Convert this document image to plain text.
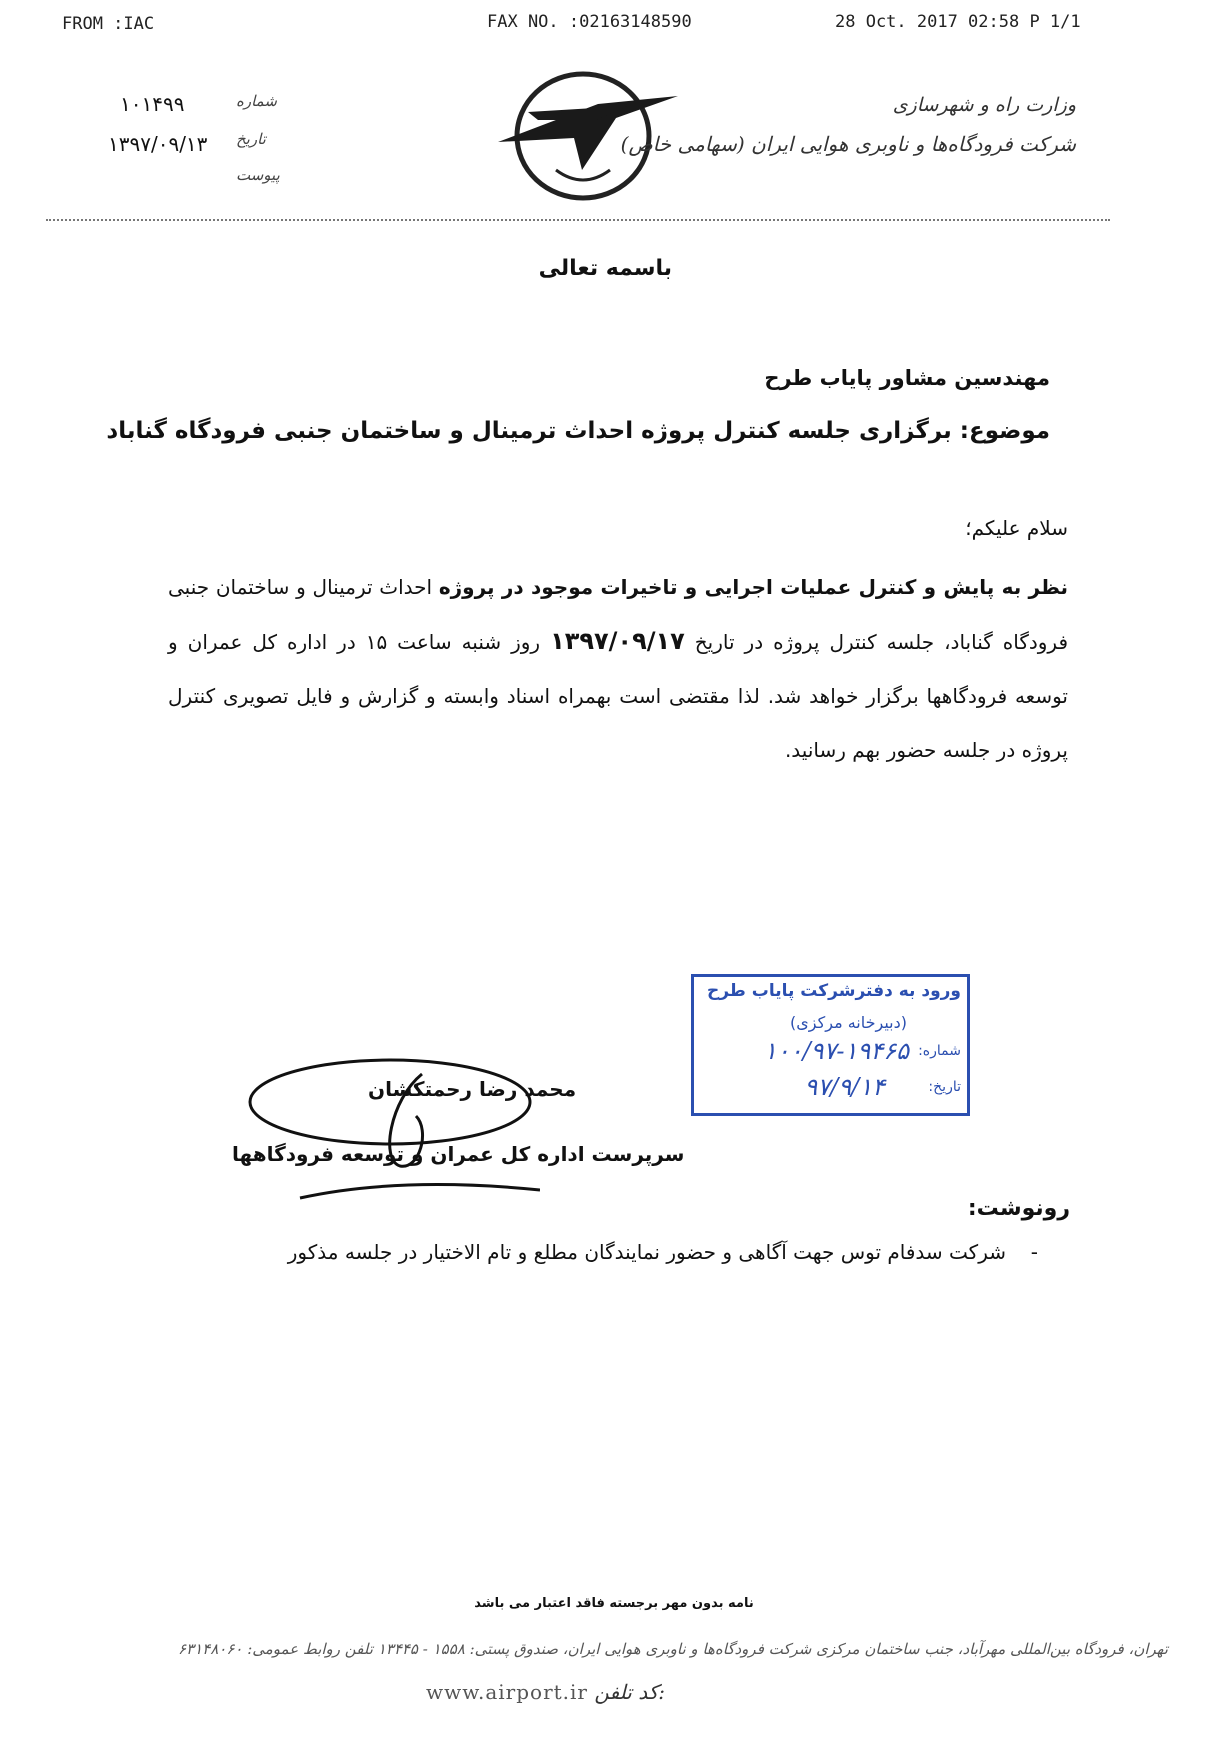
FROM :IAC	FAX NO. :02163148590	28 Oct. 2017 02:58 P 1/1
۱۰۱۴۹۹
۱۳۹۷/۰۹/۱۳
شماره
تاریخ
پیوست
وزارت راه و شهرسازی
شرکت فرودگاه‌ها و ناوبری هوایی ایران (سهامی خاص)
باسمه تعالی
مهندسین مشاور پایاب طرح
موضوع: برگزاری جلسه کنترل پروژه احداث ترمینال و ساختمان جنبی فرودگاه گناباد
سلام علیکم؛
نظر به پایش و کنترل عملیات اجرایی و تاخیرات موجود در پروژه احداث ترمینال و ساختمان جنبی فرودگاه گناباد، جلسه کنترل پروژه در تاریخ ۱۳۹۷/۰۹/۱۷ روز شنبه ساعت ۱۵ در اداره کل عمران و توسعه فرودگاهها برگزار خواهد شد. لذا مقتضی است بهمراه اسناد وابسته و گزارش و فایل تصویری کنترل پروژه در جلسه حضور بهم رسانید.
ورود به دفترشرکت پایاب طرح
(دبیرخانه مرکزی)
شماره:
۱۰۰/۹۷-۱۹۴۶۵
تاریخ:
۹۷/۹/۱۴
محمد رضا رحمتکشان
سرپرست اداره کل عمران و توسعه فرودگاهها
رونوشت:
-
شرکت سدفام توس جهت آگاهی و حضور نمایندگان مطلع و تام الاختیار در جلسه مذکور
نامه بدون مهر برجسته فاقد اعتبار می باشد
تهران، فرودگاه بین‌المللی مهرآباد، جنب ساختمان مرکزی شرکت فرودگاه‌ها و ناوبری هوایی ایران، صندوق پستی: ۱۵۵۸ - ۱۳۴۴۵ تلفن روابط عمومی: ۶۳۱۴۸۰۶۰
www.airport.ir کد تلفن:
